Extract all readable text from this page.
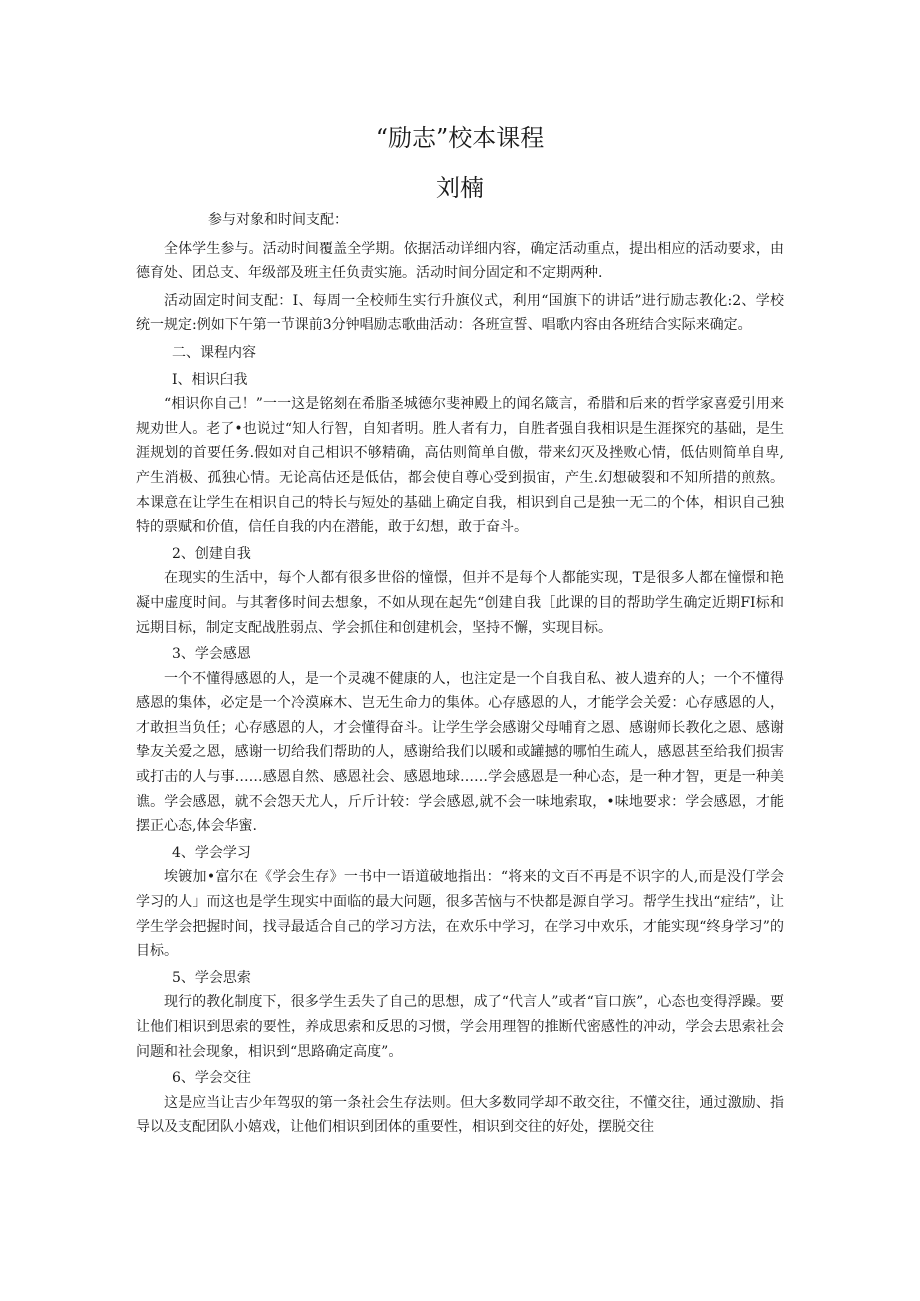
“励志”校本课程
刘楠

参与对象和时间支配：

全体学生参与。活动时间覆盖全学期。依据活动详细内容，确定活动重点，提出相应的活动要求，由德育处、团总支、年级部及班主任负责实施。活动时间分固定和不定期两种.

活动固定时间支配：I、每周一全校师生实行升旗仪式，利用“国旗下的讲话”进行励志教化:2、学校统一规定:例如下午第一节课前3分钟唱励志歌曲活动：各班宣誓、唱歌内容由各班结合实际来确定。

二、课程内容

I、相识臼我

“相识你自己！”一一这是铭刻在希脂圣城德尔斐神殿上的闻名箴言，希腊和后来的哲学家喜爱引用来规劝世人。老了•也说过“知人行智，自知者明。胜人者有力，自胜者强自我相识是生涯探究的基础，是生涯规划的首要任务.假如对自己相识不够精确，高估则简单自傲，带来幻灭及挫败心情，低估则简单自卑,产生消极、孤独心情。无论高估还是低估，都会使自尊心受到损宙，产生.幻想破裂和不知所措的煎熬。本课意在让学生在相识自己的特长与短处的基础上确定自我，相识到自己是独一无二的个体，相识自己独特的票赋和价值，信任自我的内在潜能，敢于幻想，敢于奋斗。

2、创建自我

在现实的生活中，每个人都有很多世俗的憧憬，但并不是每个人都能实现，T是很多人都在憧憬和艳凝中虚度时间。与其奢侈时间去想象，不如从现在起先“创建自我［此课的目的帮助学生确定近期FI标和远期目标，制定支配战胜弱点、学会抓住和创建机会，坚持不懈，实现目标。

3、学会感恩

一个不懂得感恩的人，是一个灵魂不健康的人，也注定是一个自我自私、被人遗弃的人；一个不懂得感恩的集体，必定是一个冷漠麻木、岂无生命力的集体。心存感恩的人，才能学会关爱：心存感恩的人，才敢担当负任；心存感恩的人，才会懂得奋斗。让学生学会感谢父母哺育之恩、感谢师长教化之恩、感谢挚友关爱之恩，感谢一切给我们帮助的人，感谢给我们以暖和或罐撼的哪怕生疏人，感恩甚至给我们损害或打击的人与事……感恩自然、感恩社会、感恩地球……学会感恩是一种心态，是一种才智，更是一种美谯。学会感恩，就不会怨天尤人，斤斤计较：学会感恩,就不会一味地索取，•味地要求：学会感恩，才能摆正心态,体会华蜜.

4、学会学习

埃镀加•富尔在《学会生存》一书中一语道破地指出：“将来的文百不再是不识字的人,而是没仃学会学习的人」而这也是学生现实中面临的最大问题，很多苦恼与不快都是源自学习。帮学生找出“症结”，让学生学会把握时间，找寻最适合自己的学习方法，在欢乐中学习，在学习中欢乐，才能实现“终身学习”的目标。

5、学会思索

现行的教化制度下，很多学生丢失了自己的思想，成了“代言人”或者“盲口族”，心态也变得浮躁。要让他们相识到思索的要性，养成思索和反思的习惯，学会用理智的推断代密感性的冲动，学会去思索社会问题和社会现象，相识到“思路确定高度”。

6、学会交往

这是应当让吉少年驾驭的第一条社会生存法则。但大多数同学却不敢交往，不懂交往，通过激励、指导以及支配团队小嬉戏，让他们相识到团体的重要性，相识到交往的好处，摆脱交往
